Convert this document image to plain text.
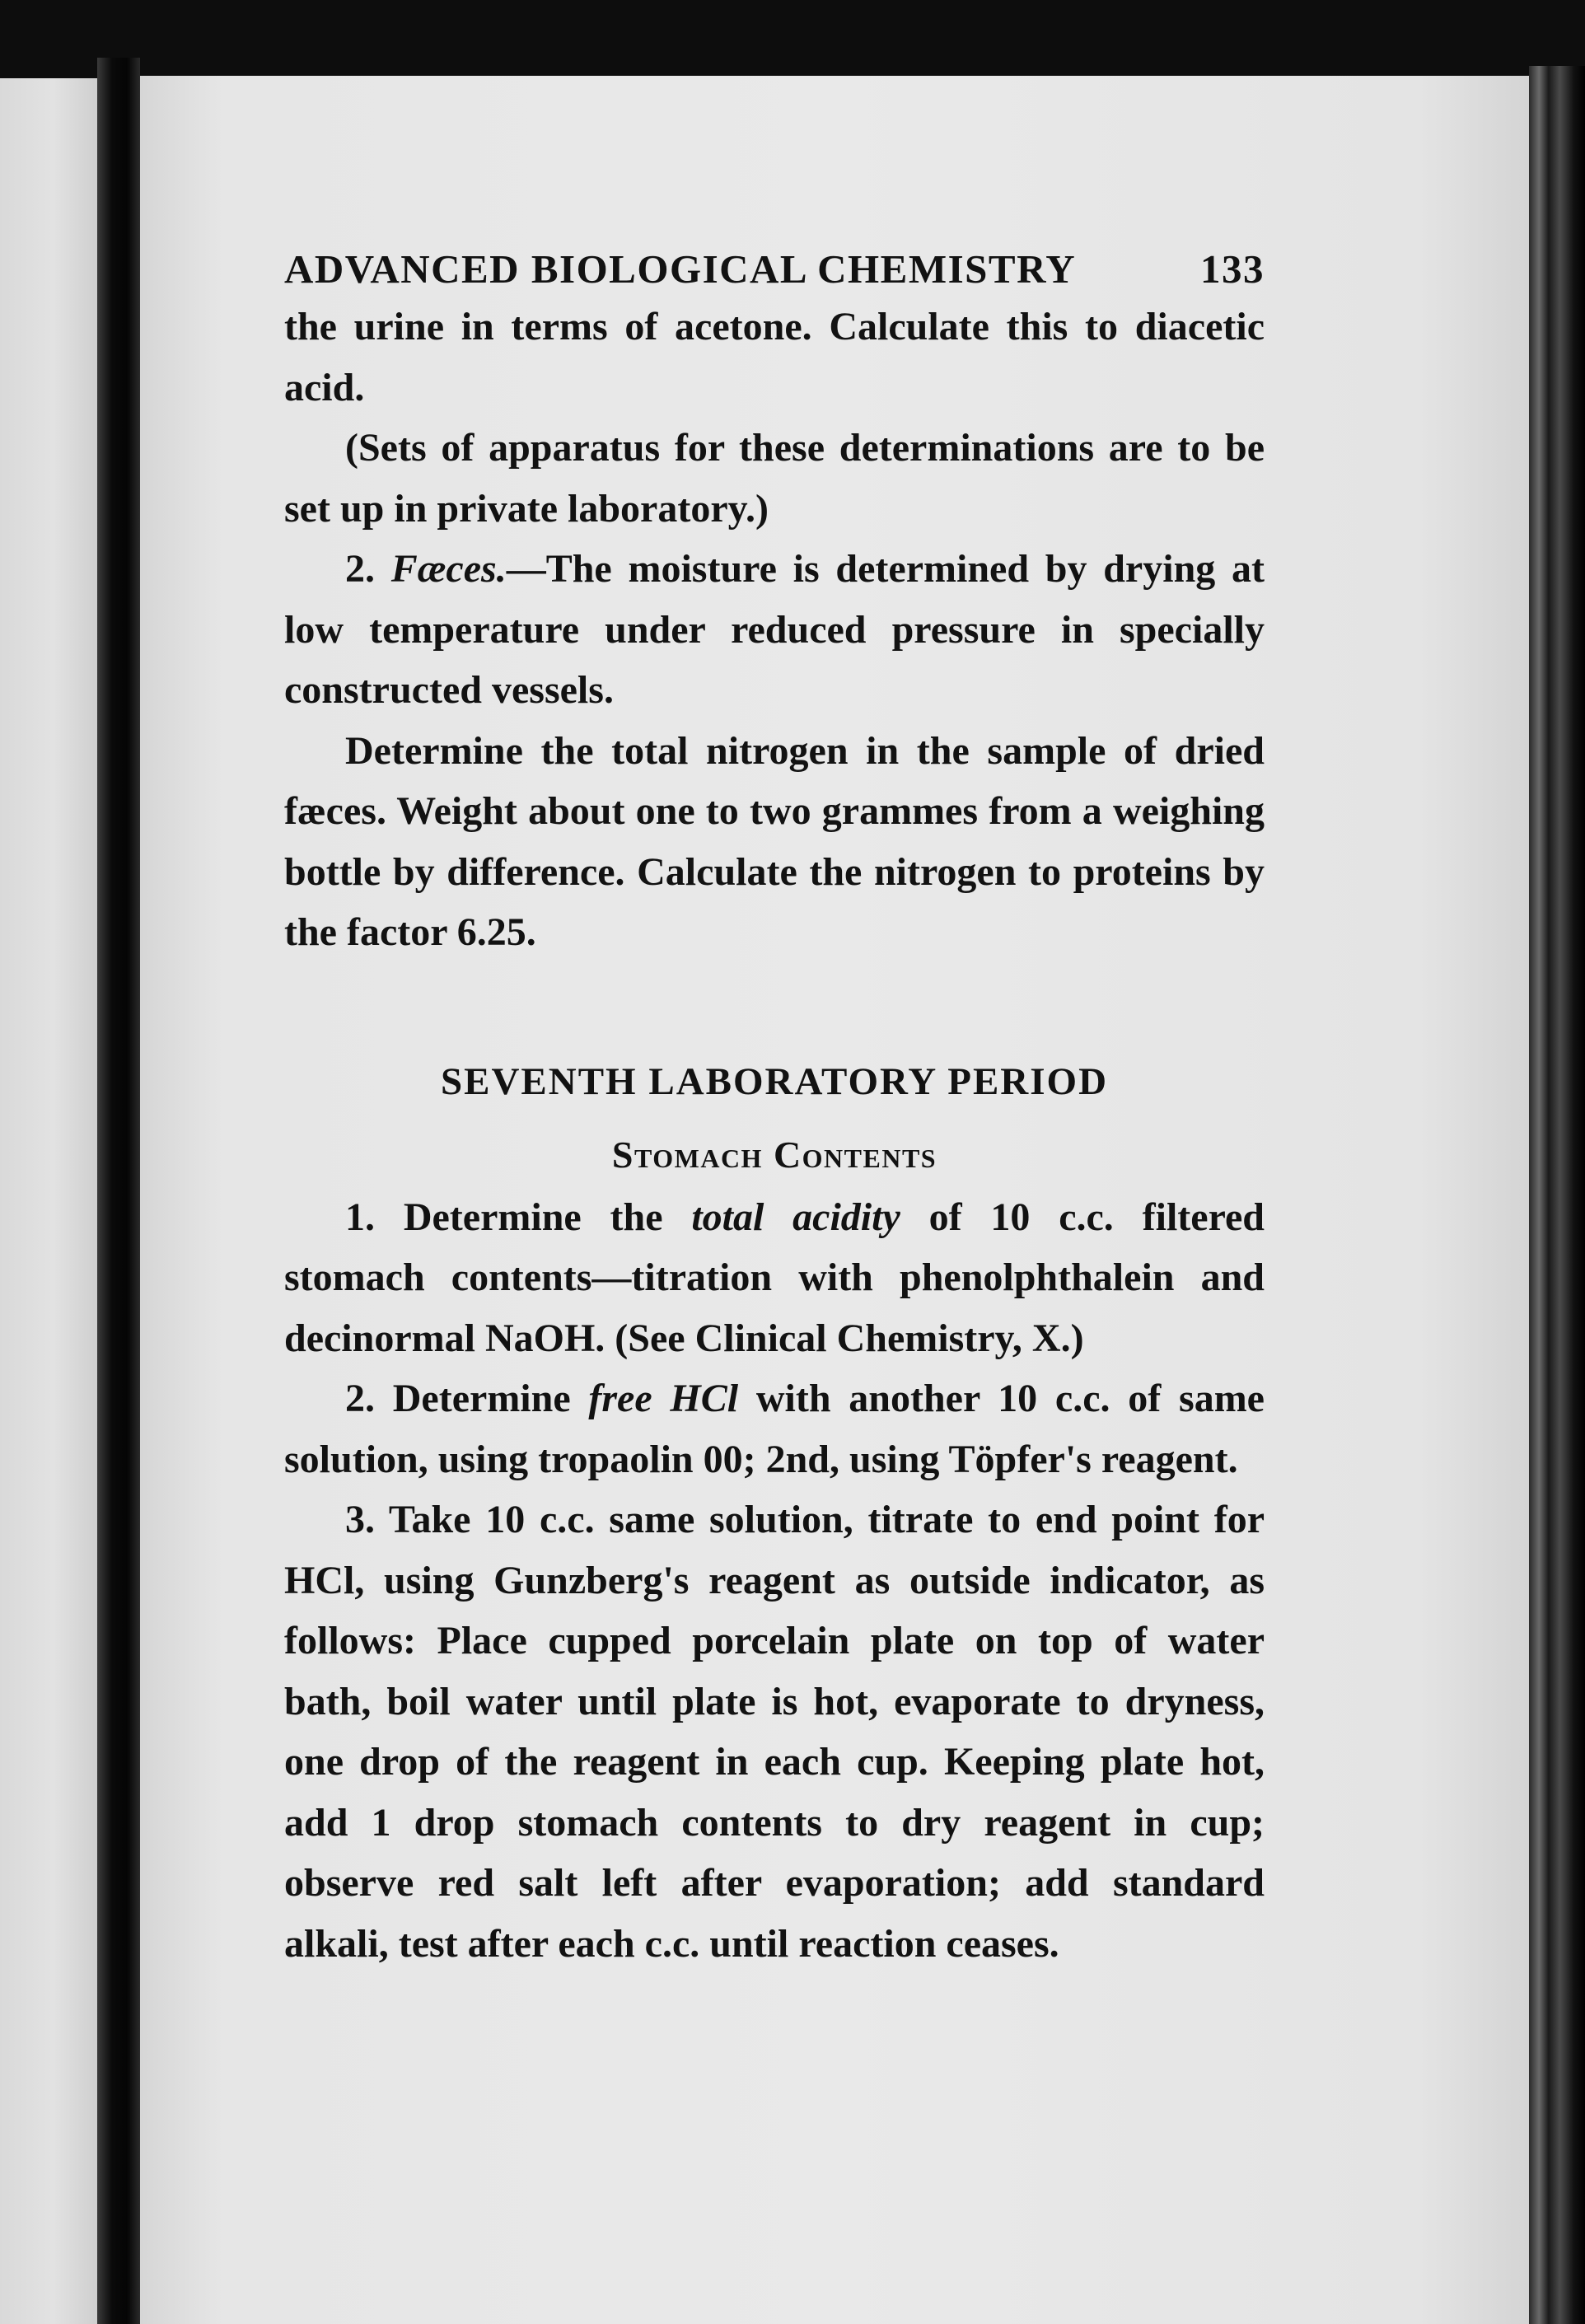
ADVANCED BIOLOGICAL CHEMISTRY	133

the urine in terms of acetone. Calculate this to diacetic acid.

(Sets of apparatus for these determinations are to be set up in private laboratory.)

2. Fæces.—The moisture is determined by drying at low temperature under reduced pressure in specially constructed vessels.

Determine the total nitrogen in the sample of dried fæces. Weight about one to two grammes from a weighing bottle by difference. Calculate the nitrogen to proteins by the factor 6.25.

SEVENTH LABORATORY PERIOD
Stomach Contents

1. Determine the total acidity of 10 c.c. filtered stomach contents—titration with phenolphthalein and decinormal NaOH. (See Clinical Chemistry, X.)

2. Determine free HCl with another 10 c.c. of same solution, using tropaolin 00; 2nd, using Töpfer's reagent.

3. Take 10 c.c. same solution, titrate to end point for HCl, using Gunzberg's reagent as outside indicator, as follows: Place cupped porcelain plate on top of water bath, boil water until plate is hot, evaporate to dryness, one drop of the reagent in each cup. Keeping plate hot, add 1 drop stomach contents to dry reagent in cup; observe red salt left after evaporation; add standard alkali, test after each c.c. until reaction ceases.
